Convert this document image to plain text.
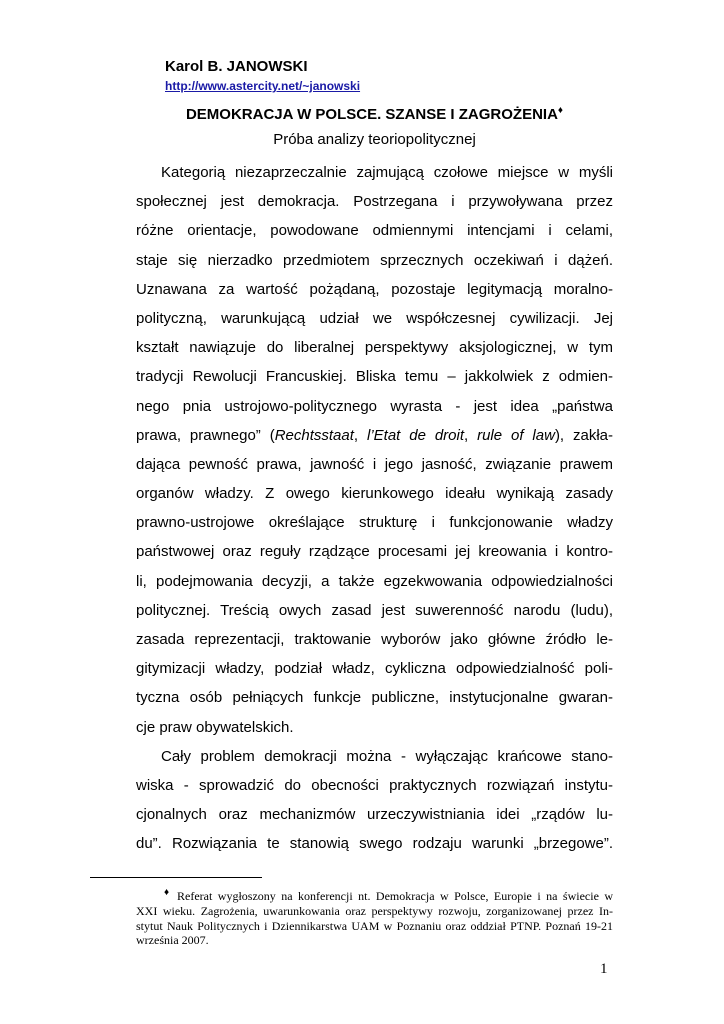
Karol B. JANOWSKI
http://www.astercity.net/~janowski
DEMOKRACJA W POLSCE. SZANSE I ZAGROŻENIA♦
Próba analizy teoriopolitycznej
Kategorią niezaprzeczalnie zajmującą czołowe miejsce w myśli
społecznej jest demokracja. Postrzegana i przywoływana przez
różne orientacje, powodowane odmiennymi intencjami i celami,
staje się nierzadko przedmiotem sprzecznych oczekiwań i dążeń.
Uznawana za wartość pożądaną, pozostaje legitymacją moralno-
polityczną, warunkującą udział we współczesnej cywilizacji. Jej
kształt nawiązuje do liberalnej perspektywy aksjologicznej, w tym
tradycji Rewolucji Francuskiej. Bliska temu – jakkolwiek z odmien-
nego pnia ustrojowo-politycznego wyrasta - jest idea „państwa
prawa, prawnego” (Rechtsstaat, l’Etat de droit, rule of law), zakła-
dająca pewność prawa, jawność i jego jasność, związanie prawem
organów władzy. Z owego kierunkowego ideału wynikają zasady
prawno-ustrojowe określające strukturę i funkcjonowanie władzy
państwowej oraz reguły rządzące procesami jej kreowania i kontro-
li, podejmowania decyzji, a także egzekwowania odpowiedzialności
politycznej. Treścią owych zasad jest suwerenność narodu (ludu),
zasada reprezentacji, traktowanie wyborów jako główne źródło le-
gitymizacji władzy, podział władz, cykliczna odpowiedzialność poli-
tyczna osób pełniących funkcje publiczne, instytucjonalne gwaran-
cje praw obywatelskich.
Cały problem demokracji można - wyłączając krańcowe stano-
wiska - sprowadzić do obecności praktycznych rozwiązań instytu-
cjonalnych oraz mechanizmów urzeczywistniania idei „rządów lu-
du”. Rozwiązania te stanowią swego rodzaju warunki „brzegowe”.
♦ Referat wygłoszony na konferencji nt. Demokracja w Polsce, Europie i na świecie w
XXI wieku. Zagrożenia, uwarunkowania oraz perspektywy rozwoju, zorganizowanej przez In-
stytut Nauk Politycznych i Dziennikarstwa UAM w Poznaniu oraz oddział PTNP. Poznań 19-21
września 2007.
1
